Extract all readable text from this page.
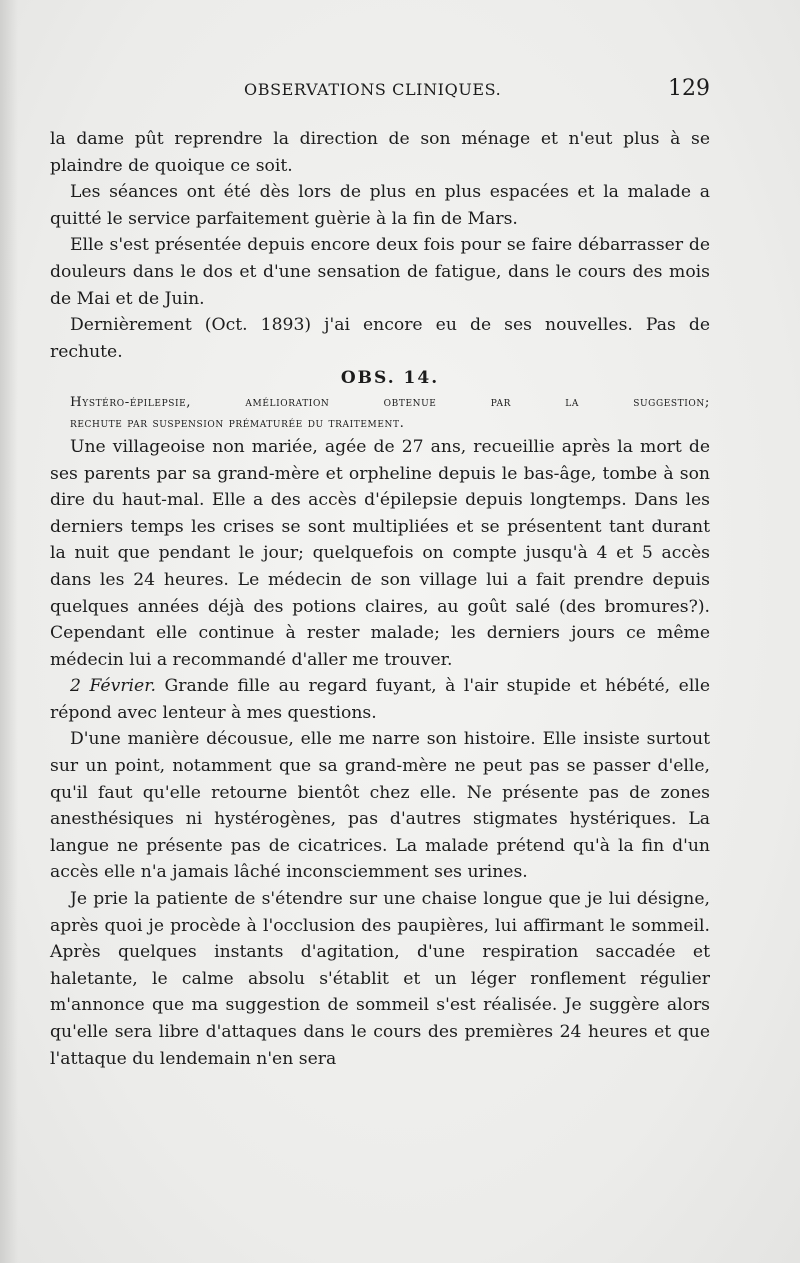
OBSERVATIONS CLINIQUES.	129

la dame pût reprendre la direction de son ménage et n'eut plus à se plaindre de quoique ce soit.

Les séances ont été dès lors de plus en plus espacées et la malade a quitté le service parfaitement guèrie à la fin de Mars.

Elle s'est présentée depuis encore deux fois pour se faire débarrasser de douleurs dans le dos et d'une sensation de fatigue, dans le cours des mois de Mai et de Juin.

Dernièrement (Oct. 1893) j'ai encore eu de ses nouvelles. Pas de rechute.

OBS. 14.

Hystéro-épilepsie, amélioration obtenue par la suggestion;
rechute par suspension prématurée du traitement.

Une villageoise non mariée, agée de 27 ans, recueillie après la mort de ses parents par sa grand-mère et orpheline depuis le bas-âge, tombe à son dire du haut-mal. Elle a des accès d'épilepsie depuis longtemps. Dans les derniers temps les crises se sont multipliées et se présentent tant durant la nuit que pendant le jour; quelquefois on compte jusqu'à 4 et 5 accès dans les 24 heures. Le médecin de son village lui a fait prendre depuis quelques années déjà des potions claires, au goût salé (des bromures?). Cependant elle continue à rester malade; les derniers jours ce même médecin lui a recommandé d'aller me trouver.

2 Février. Grande fille au regard fuyant, à l'air stupide et hébété, elle répond avec lenteur à mes questions.

D'une manière décousue, elle me narre son histoire. Elle insiste surtout sur un point, notamment que sa grand-mère ne peut pas se passer d'elle, qu'il faut qu'elle retourne bientôt chez elle. Ne présente pas de zones anesthésiques ni hystérogènes, pas d'autres stigmates hystériques. La langue ne présente pas de cicatrices. La malade prétend qu'à la fin d'un accès elle n'a jamais lâché inconsciemment ses urines.

Je prie la patiente de s'étendre sur une chaise longue que je lui désigne, après quoi je procède à l'occlusion des paupières, lui affirmant le sommeil. Après quelques instants d'agitation, d'une respiration saccadée et haletante, le calme absolu s'établit et un léger ronflement régulier m'annonce que ma suggestion de sommeil s'est réalisée. Je suggère alors qu'elle sera libre d'attaques dans le cours des premières 24 heures et que l'attaque du lendemain n'en sera
